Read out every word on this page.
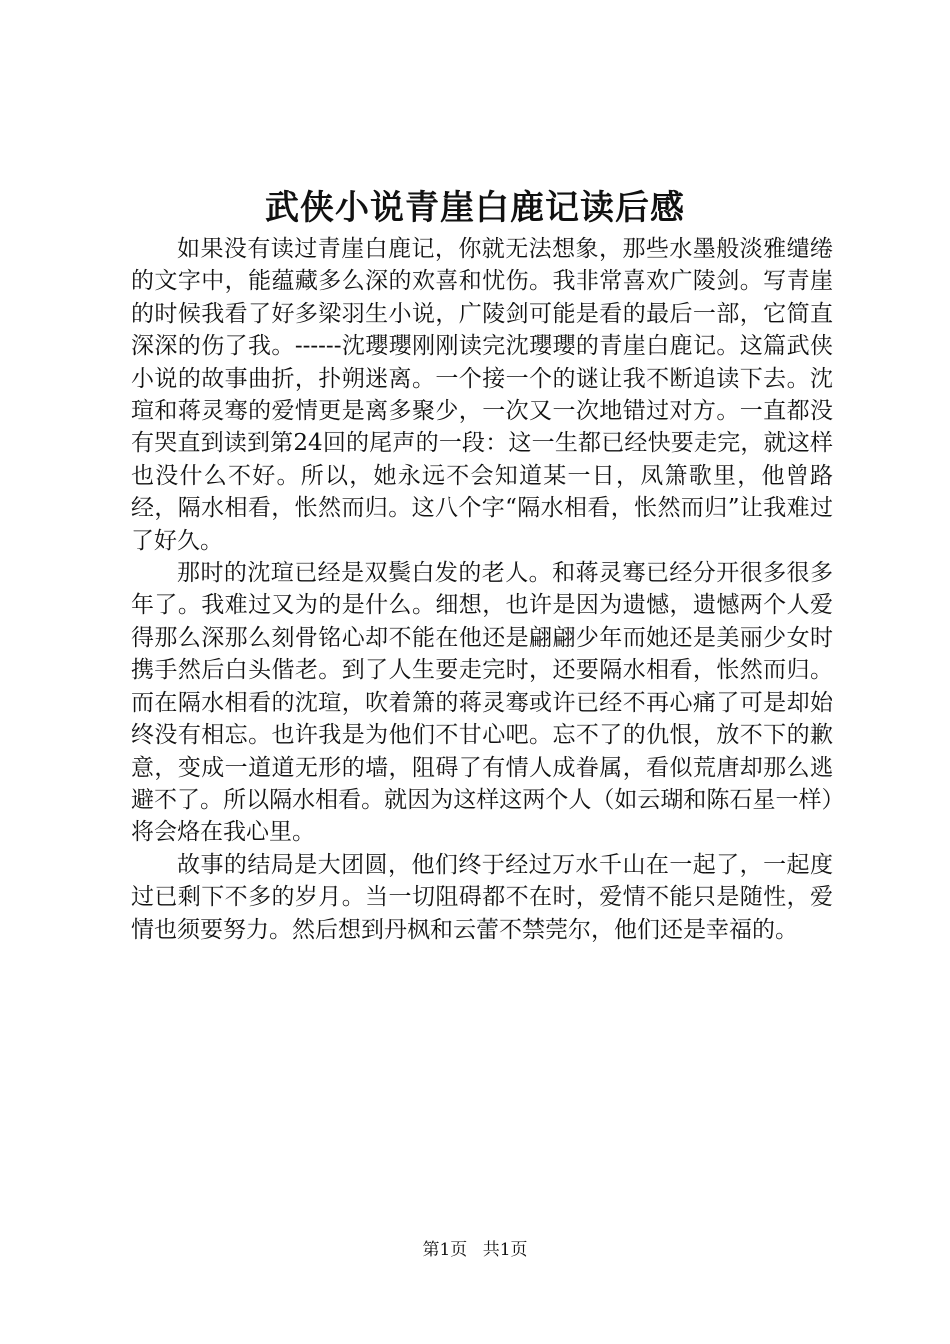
武侠小说青崖白鹿记读后感

如果没有读过青崖白鹿记，你就无法想象，那些水墨般淡雅缱绻的文字中，能蕴藏多么深的欢喜和忧伤。我非常喜欢广陵剑。写青崖的时候我看了好多梁羽生小说，广陵剑可能是看的最后一部，它简直深深的伤了我。------沈瓔瓔刚刚读完沈瓔瓔的青崖白鹿记。这篇武侠小说的故事曲折，扑朔迷离。一个接一个的谜让我不断追读下去。沈瑄和蒋灵骞的爱情更是离多聚少，一次又一次地错过对方。一直都没有哭直到读到第24回的尾声的一段：这一生都已经快要走完，就这样也没什么不好。所以，她永远不会知道某一日，凤箫歌里，他曾路经，隔水相看，怅然而归。这八个字“隔水相看，怅然而归”让我难过了好久。

那时的沈瑄已经是双鬓白发的老人。和蒋灵骞已经分开很多很多年了。我难过又为的是什么。细想，也许是因为遗憾，遗憾两个人爱得那么深那么刻骨铭心却不能在他还是翩翩少年而她还是美丽少女时携手然后白头偕老。到了人生要走完时，还要隔水相看，怅然而归。而在隔水相看的沈瑄，吹着箫的蒋灵骞或许已经不再心痛了可是却始终没有相忘。也许我是为他们不甘心吧。忘不了的仇恨，放不下的歉意，变成一道道无形的墙，阻碍了有情人成眷属，看似荒唐却那么逃避不了。所以隔水相看。就因为这样这两个人（如云瑚和陈石星一样）将会烙在我心里。

故事的结局是大团圆，他们终于经过万水千山在一起了，一起度过已剩下不多的岁月。当一切阻碍都不在时，爱情不能只是随性，爱情也须要努力。然后想到丹枫和云蕾不禁莞尔，他们还是幸福的。

第1页 共1页
